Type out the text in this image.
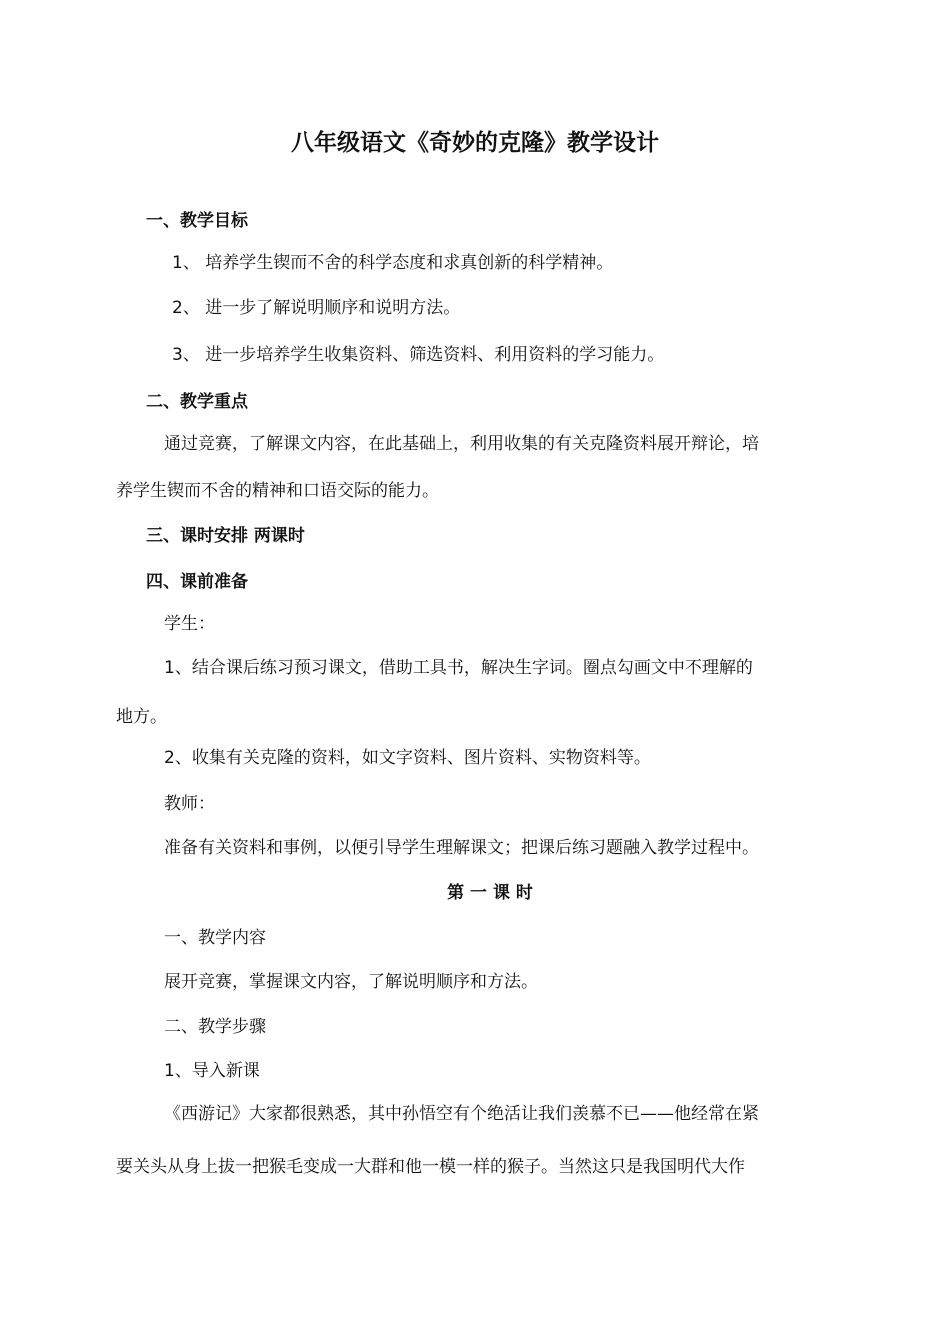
八年级语文《奇妙的克隆》教学设计
一、教学目标
1、 培养学生锲而不舍的科学态度和求真创新的科学精神。
2、 进一步了解说明顺序和说明方法。
3、 进一步培养学生收集资料、筛选资料、利用资料的学习能力。
二、教学重点
通过竞赛，了解课文内容，在此基础上，利用收集的有关克隆资料展开辩论，培
养学生锲而不舍的精神和口语交际的能力。
三、课时安排 两课时
四、课前准备
学生：
1、结合课后练习预习课文，借助工具书，解决生字词。圈点勾画文中不理解的
地方。
2、收集有关克隆的资料，如文字资料、图片资料、实物资料等。
教师：
准备有关资料和事例，以便引导学生理解课文；把课后练习题融入教学过程中。
第 一 课 时
一、教学内容
展开竞赛，掌握课文内容，了解说明顺序和方法。
二、教学步骤
1、导入新课
《西游记》大家都很熟悉，其中孙悟空有个绝活让我们羡慕不已——他经常在紧
要关头从身上拔一把猴毛变成一大群和他一模一样的猴子。当然这只是我国明代大作
